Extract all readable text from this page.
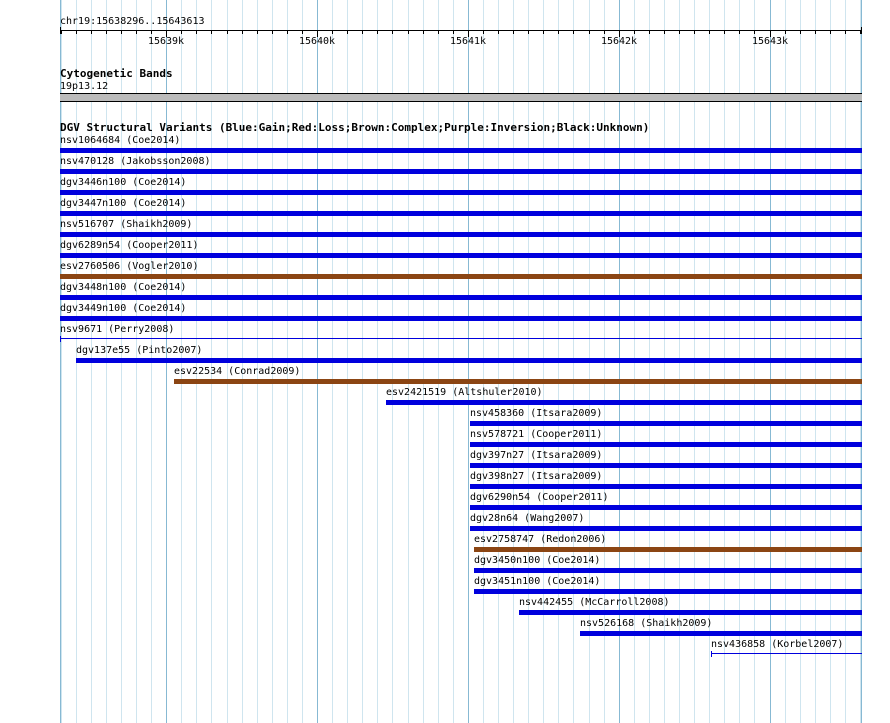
chr19:15638296..15643613
15639k	15640k	15641k	15642k	15643k
Cytogenetic Bands
19p13.12
DGV Structural Variants (Blue:Gain;Red:Loss;Brown:Complex;Purple:Inversion;Black:Unknown)
nsv1064684 (Coe2014)
nsv470128 (Jakobsson2008)
dgv3446n100 (Coe2014)
dgv3447n100 (Coe2014)
nsv516707 (Shaikh2009)
dgv6289n54 (Cooper2011)
esv2760506 (Vogler2010)
dgv3448n100 (Coe2014)
dgv3449n100 (Coe2014)
nsv9671 (Perry2008)
dgv137e55 (Pinto2007)
esv22534 (Conrad2009)
esv2421519 (Altshuler2010)
nsv458360 (Itsara2009)
nsv578721 (Cooper2011)
dgv397n27 (Itsara2009)
dgv398n27 (Itsara2009)
dgv6290n54 (Cooper2011)
dgv28n64 (Wang2007)
esv2758747 (Redon2006)
dgv3450n100 (Coe2014)
dgv3451n100 (Coe2014)
nsv442455 (McCarroll2008)
nsv526168 (Shaikh2009)
nsv436858 (Korbel2007)
